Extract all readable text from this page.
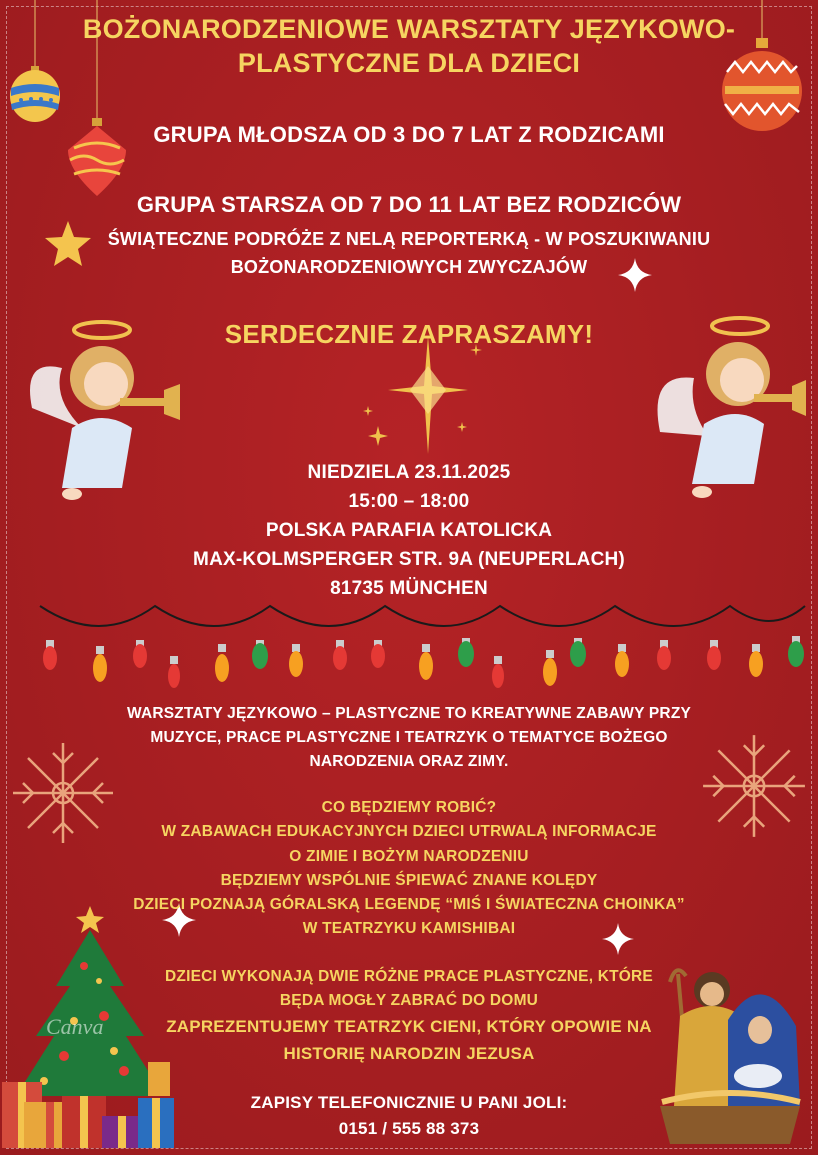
Canva
BOŻONARODZENIOWE WARSZTATY JĘZYKOWO-
PLASTYCZNE DLA DZIECI
GRUPA MŁODSZA OD 3 DO 7 LAT Z RODZICAMI
GRUPA STARSZA OD 7 DO 11 LAT BEZ RODZICÓW
ŚWIĄTECZNE PODRÓŻE Z NELĄ REPORTERKĄ - W POSZUKIWANIU
BOŻONARODZENIOWYCH ZWYCZAJÓW
SERDECZNIE ZAPRASZAMY!
NIEDZIELA 23.11.2025
15:00 – 18:00
POLSKA PARAFIA KATOLICKA
MAX-KOLMSPERGER STR. 9A (NEUPERLACH)
81735 MÜNCHEN
WARSZTATY JĘZYKOWO – PLASTYCZNE TO KREATYWNE ZABAWY PRZY
MUZYCE, PRACE PLASTYCZNE I TEATRZYK O TEMATYCE BOŻEGO
NARODZENIA ORAZ ZIMY.
CO BĘDZIEMY ROBIĆ?
W ZABAWACH EDUKACYJNYCH DZIECI UTRWALĄ INFORMACJE
O ZIMIE I BOŻYM NARODZENIU
BĘDZIEMY WSPÓLNIE ŚPIEWAĆ ZNANE KOLĘDY
DZIECI POZNAJĄ GÓRALSKĄ LEGENDĘ “MIŚ I ŚWIATECZNA CHOINKA”
W TEATRZYKU KAMISHIBAI
DZIECI WYKONAJĄ DWIE RÓŻNE PRACE PLASTYCZNE, KTÓRE
BĘDA MOGŁY ZABRAĆ DO DOMU
ZAPREZENTUJEMY TEATRZYK CIENI, KTÓRY OPOWIE NA
HISTORIĘ NARODZIN JEZUSA
ZAPISY TELEFONICZNIE U PANI JOLI:
0151 / 555 88 373
